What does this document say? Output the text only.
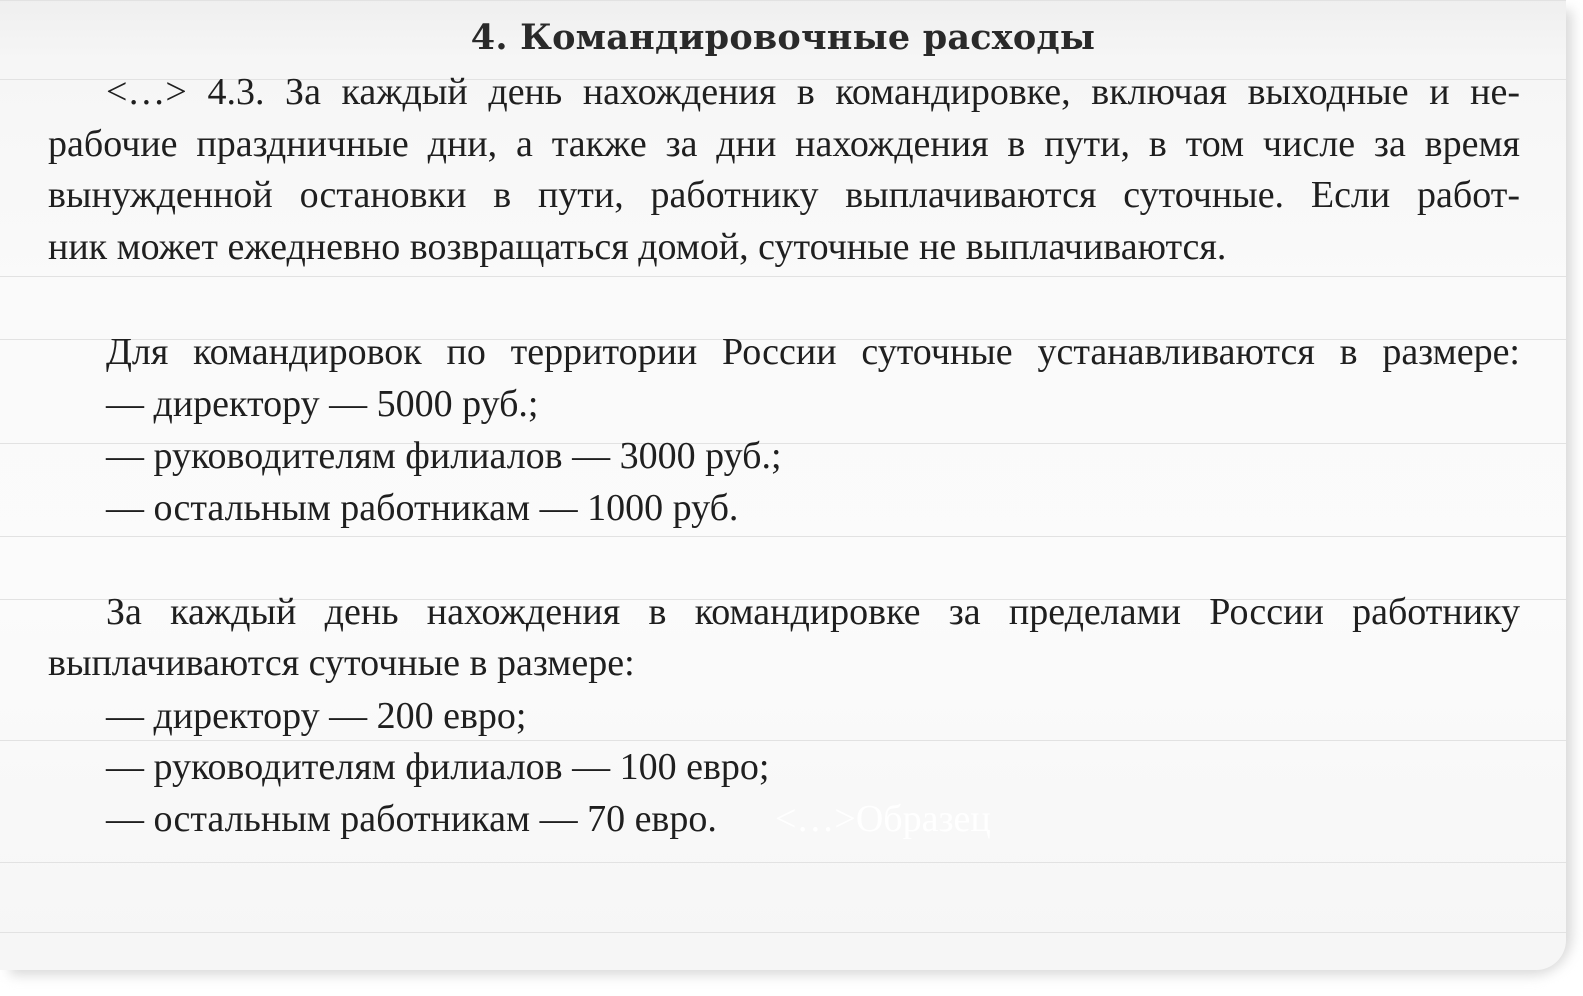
4. Командировочные расходы

<…> 4.3. За каждый день нахождения в командировке, включая выходные и не-

рабочие праздничные дни, а также за дни нахождения в пути, в том числе за время

вынужденной остановки в пути, работнику выплачиваются суточные. Если работ-

ник может ежедневно возвращаться домой, суточные не выплачиваются.

Для командировок по территории России суточные устанавливаются в размере:

— директору — 5000 руб.;

— руководителям филиалов — 3000 руб.;

— остальным работникам — 1000 руб.

За каждый день нахождения в командировке за пределами России работнику

выплачиваются суточные в размере:

— директору — 200 евро;

— руководителям филиалов — 100 евро;

— остальным работникам — 70 евро. <…>Образец
